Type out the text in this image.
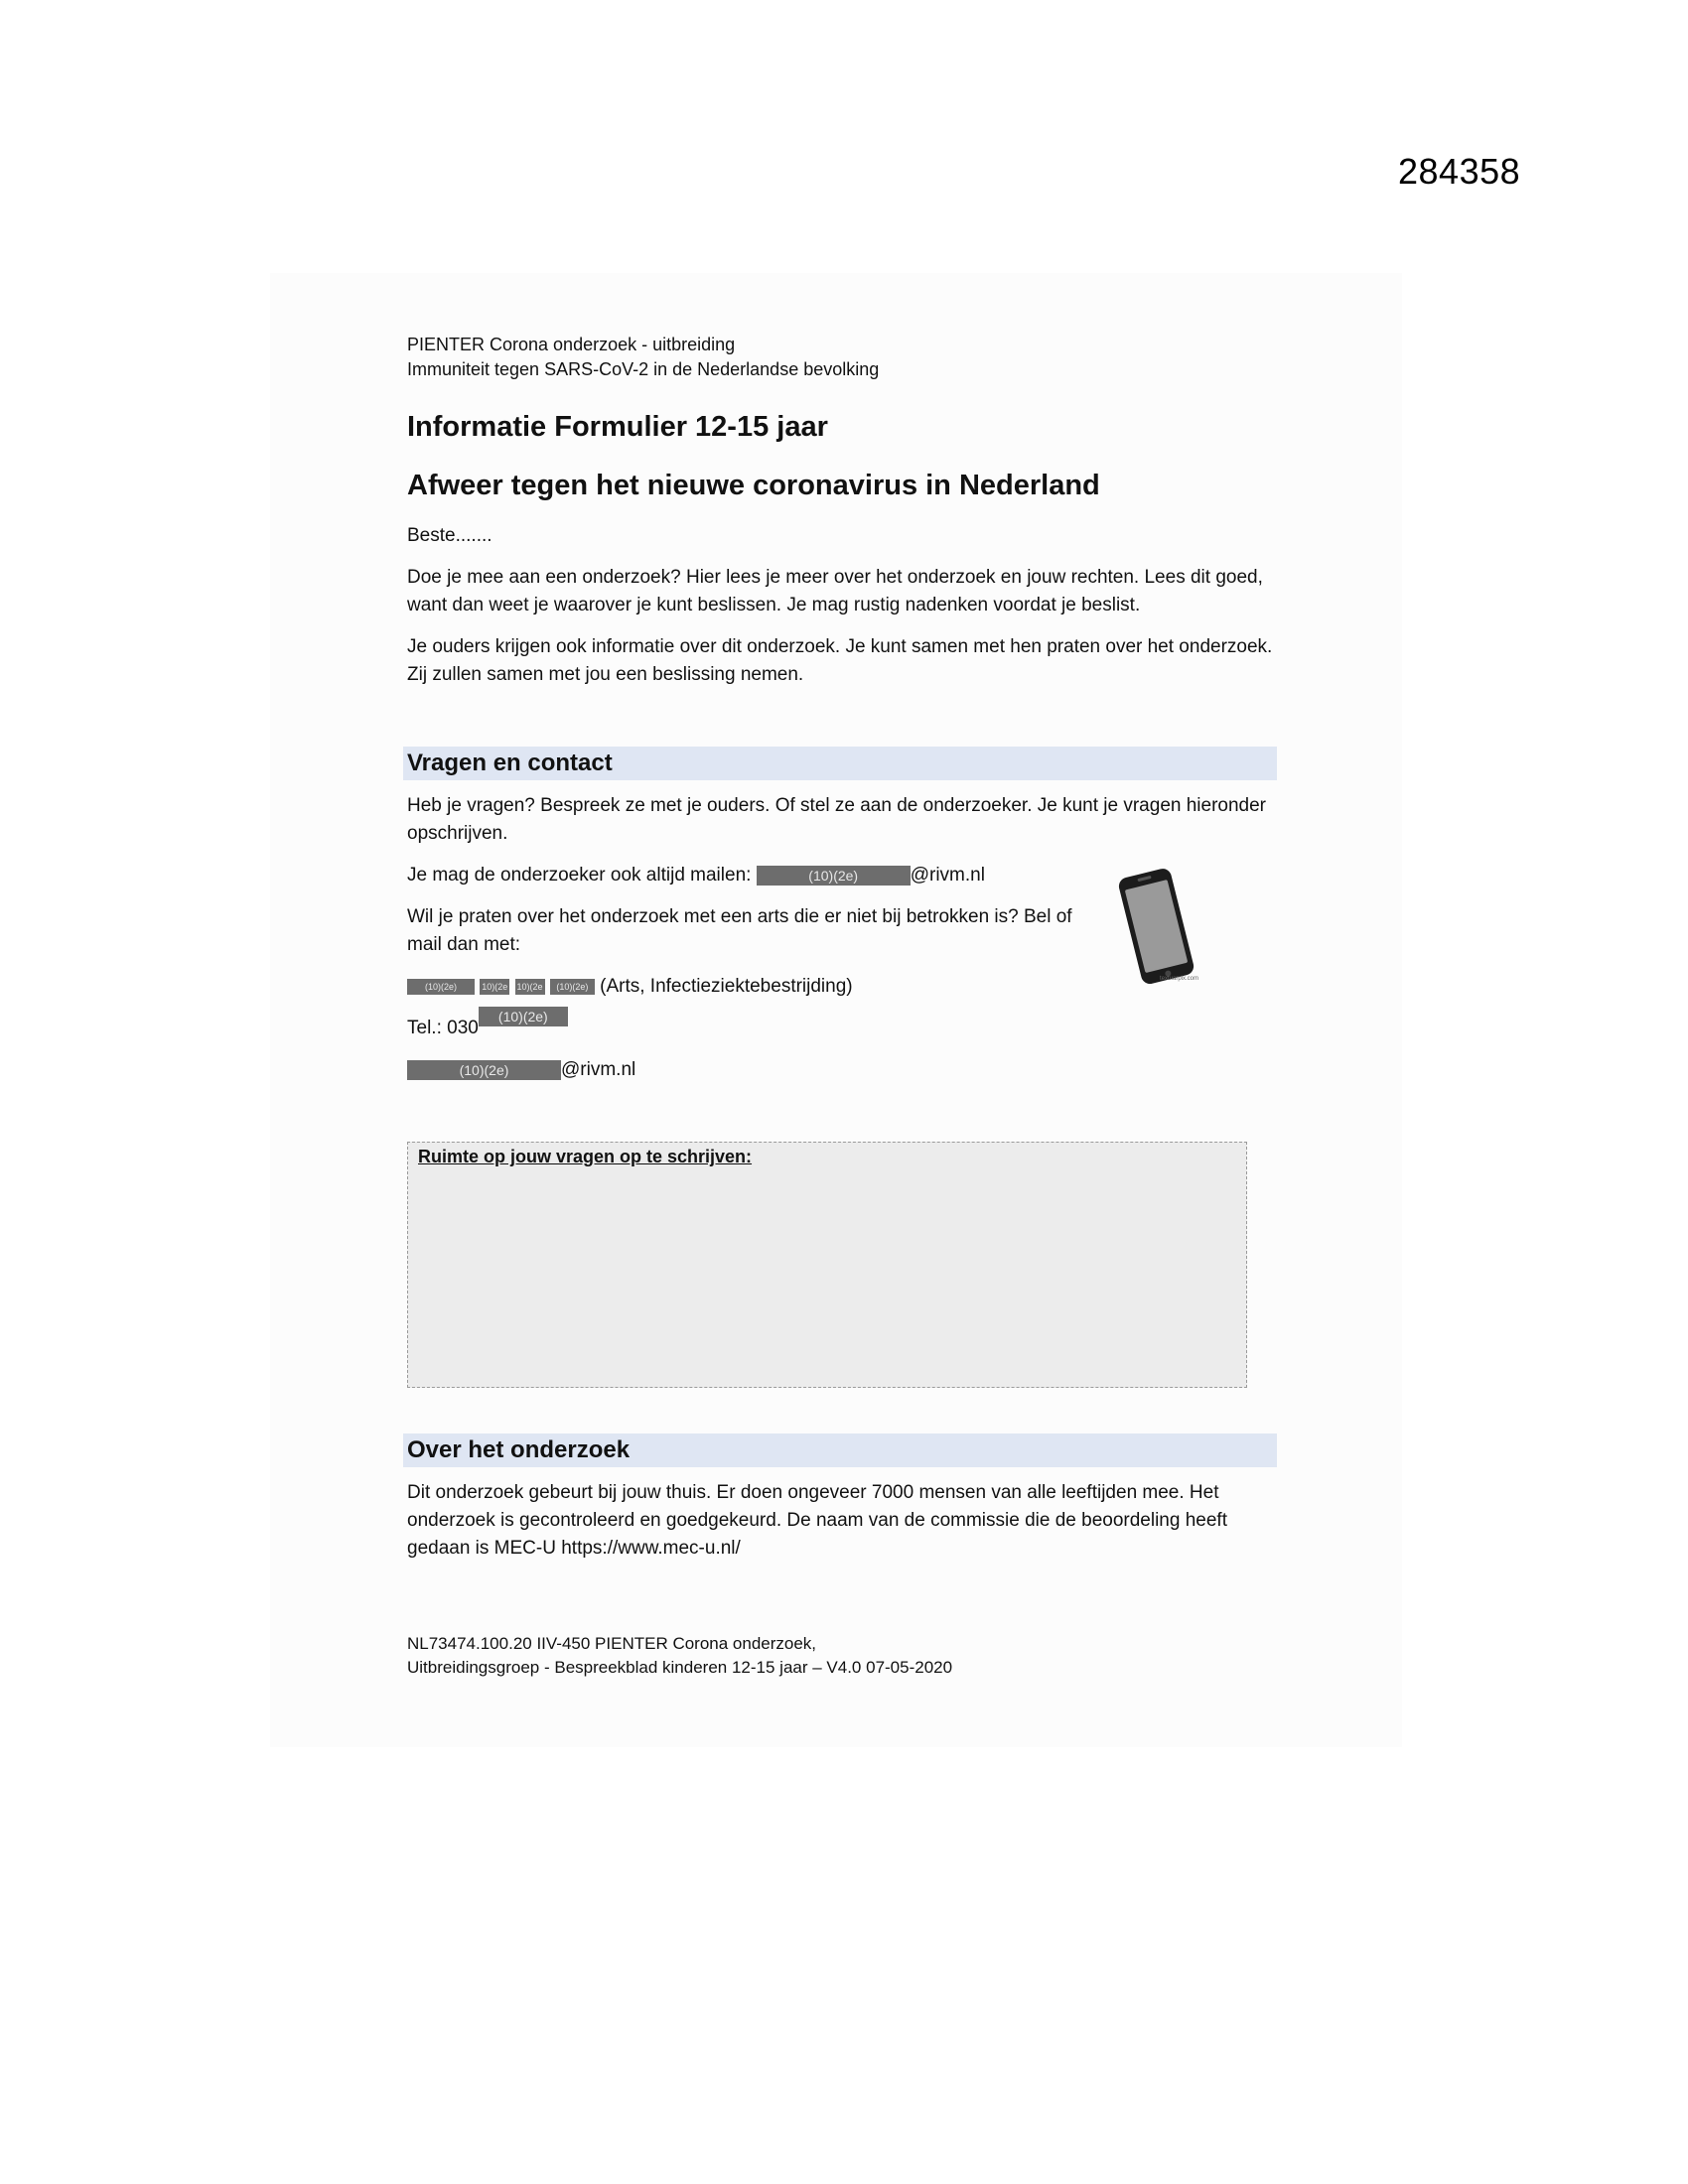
284358
PIENTER Corona onderzoek - uitbreiding
Immuniteit tegen SARS-CoV-2 in de Nederlandse bevolking
Informatie Formulier 12-15 jaar
Afweer tegen het nieuwe coronavirus in Nederland

Beste.......

Doe je mee aan een onderzoek? Hier lees je meer over het onderzoek en jouw rechten. Lees dit goed, want dan weet je waarover je kunt beslissen. Je mag rustig nadenken voordat je beslist.

Je ouders krijgen ook informatie over dit onderzoek. Je kunt samen met hen praten over het onderzoek. Zij zullen samen met jou een beslissing nemen.

Vragen en contact

Heb je vragen? Bespreek ze met je ouders. Of stel ze aan de onderzoeker. Je kunt je vragen hieronder opschrijven.

Je mag de onderzoeker ook altijd mailen:	(10)(2e)	@rivm.nl

Wil je praten over het onderzoek met een arts die er niet bij betrokken is? Bel of mail dan met:

(10)(2e)	10)(2e 10)(2e (10)(2e) (Arts, Infectieziektebestrijding)

Tel.: 030(10)(2e)

(10)(2e)	@rivm.nl

Ruimte op jouw vragen op te schrijven:
Over het onderzoek

Dit onderzoek gebeurt bij jouw thuis. Er doen ongeveer 7000 mensen van alle leeftijden mee. Het onderzoek is gecontroleerd en goedgekeurd. De naam van de commissie die de beoordeling heeft gedaan is MEC-U https://www.mec-u.nl/

NL73474.100.20 IIV-450 PIENTER Corona onderzoek,
Uitbreidingsgroep - Bespreekblad kinderen 12-15 jaar – V4.0 07-05-2020
textuarplx.com
